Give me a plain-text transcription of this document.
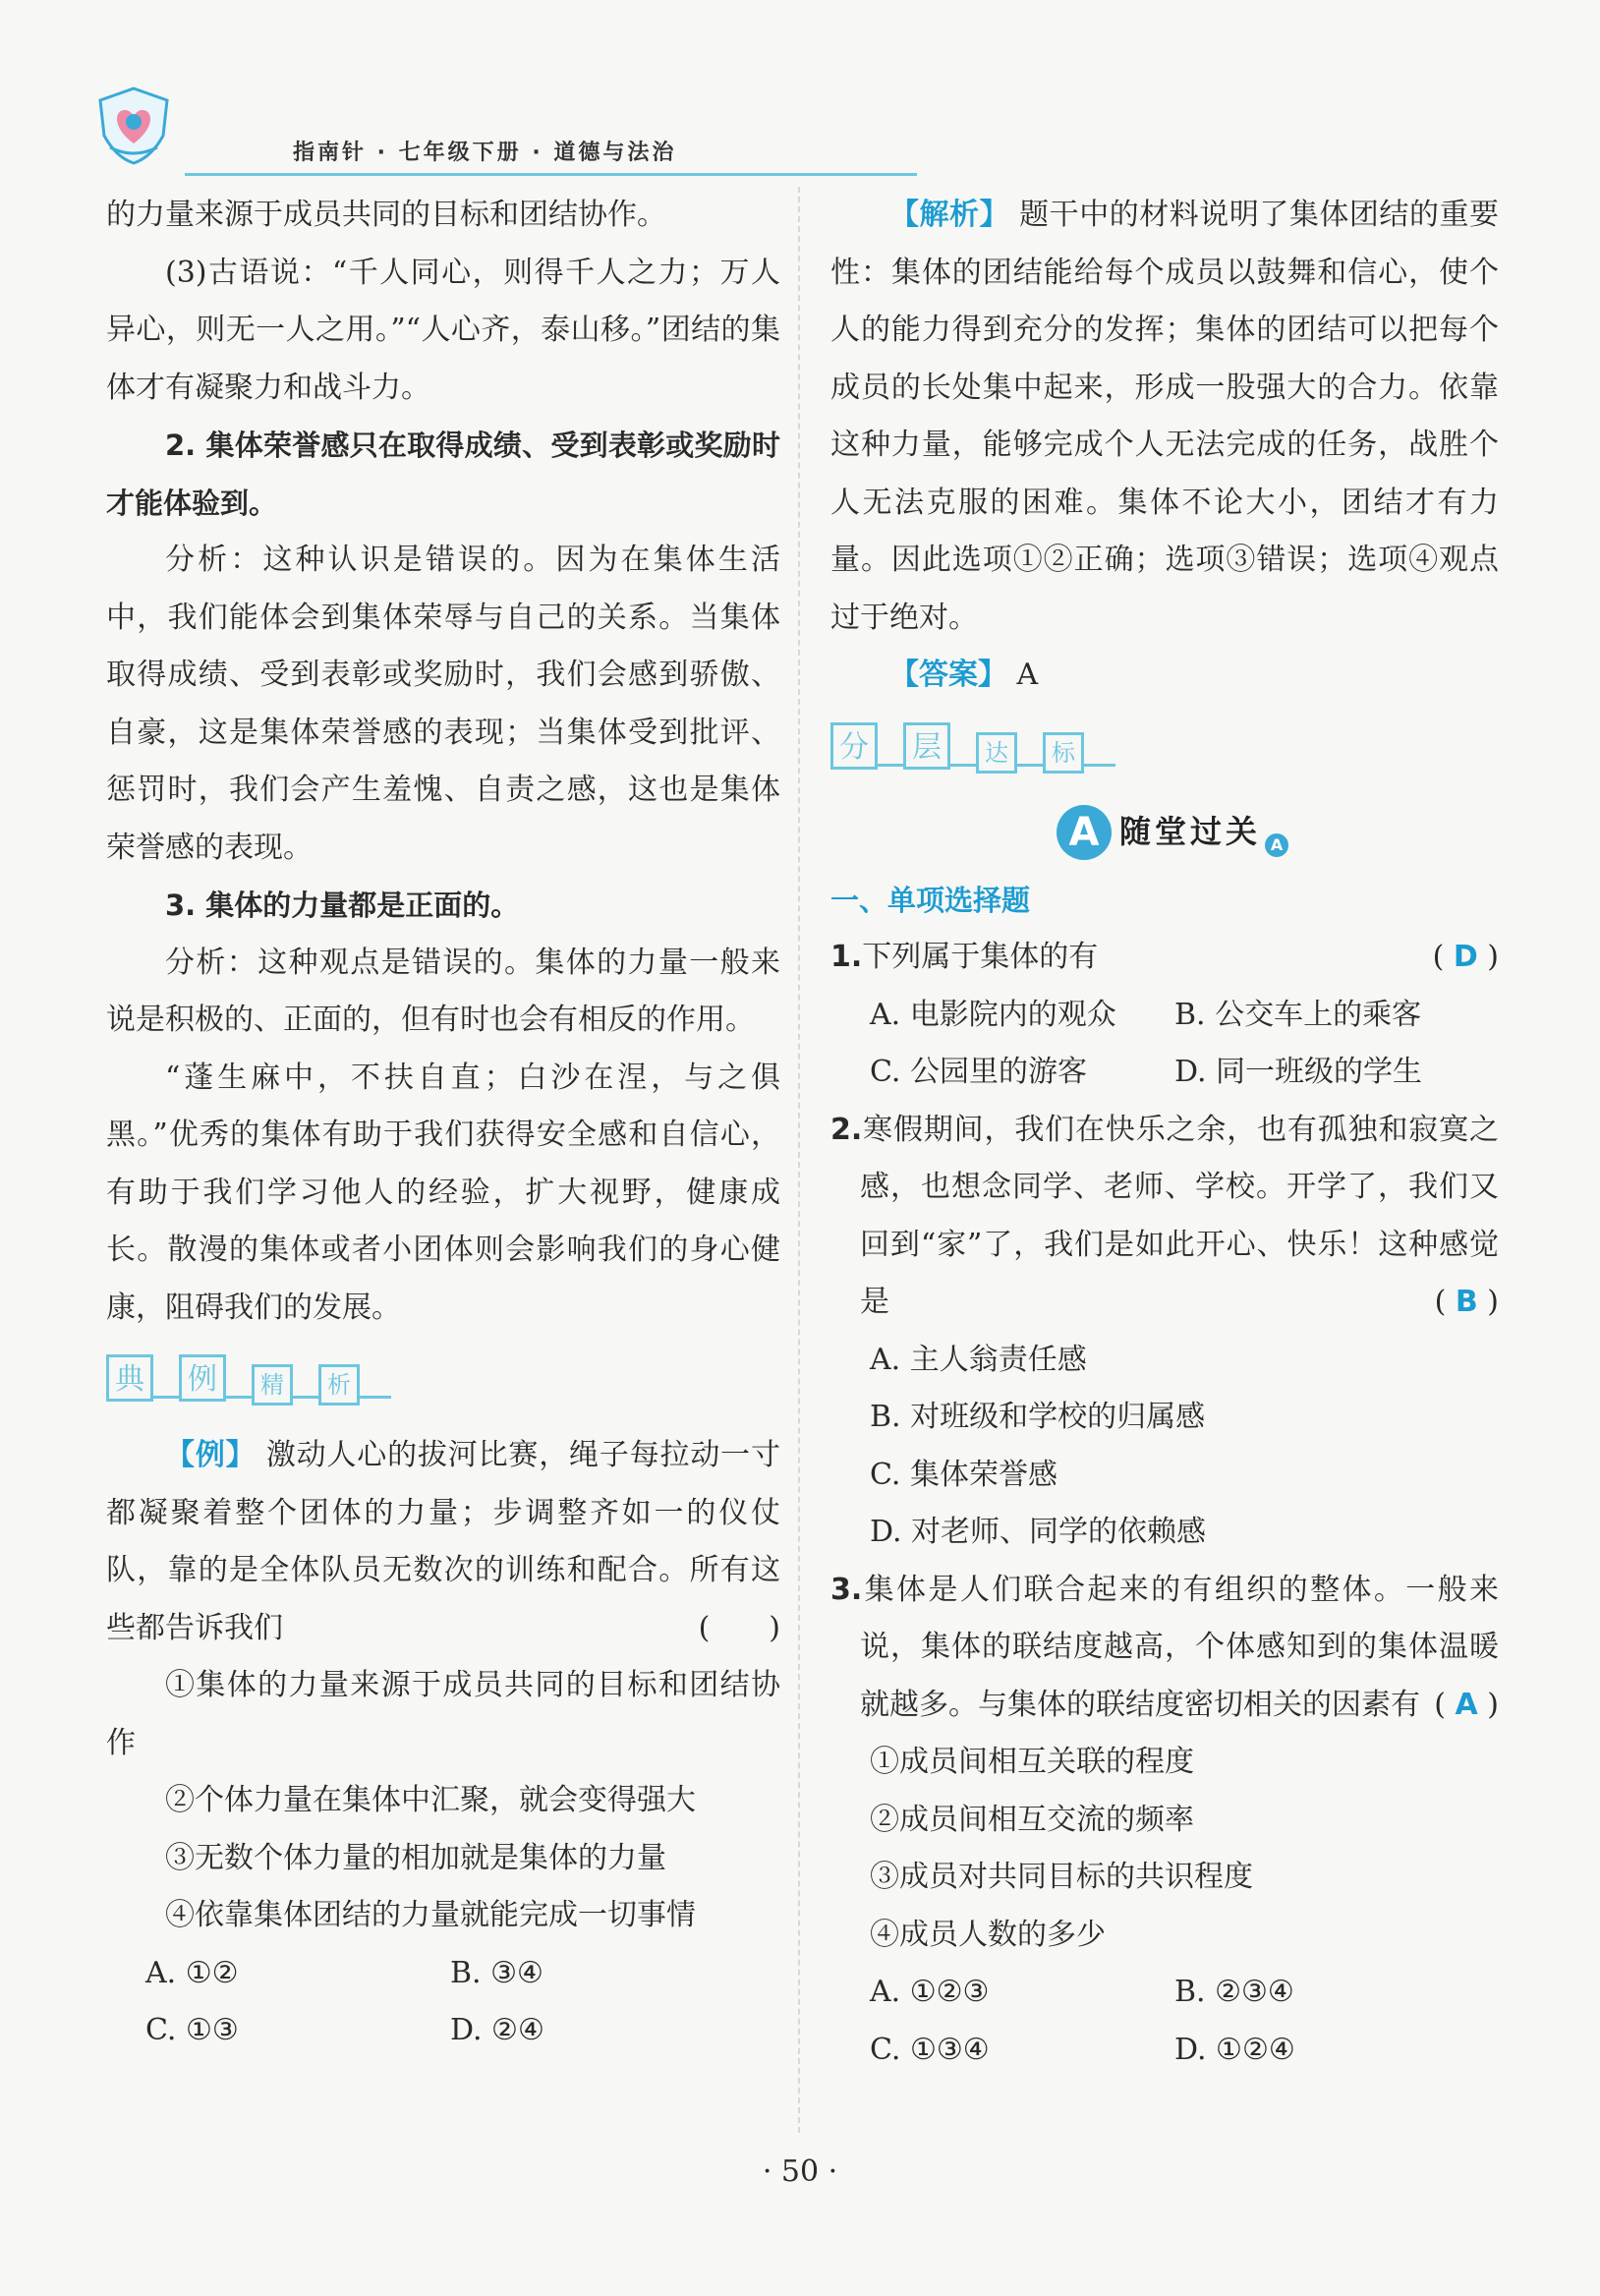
指南针 · 七年级下册 · 道德与法治

的力量来源于成员共同的目标和团结协作。

(3)古语说：“千人同心，则得千人之力；万人异心，则无一人之用。”“人心齐，泰山移。”团结的集体才有凝聚力和战斗力。

2. 集体荣誉感只在取得成绩、受到表彰或奖励时才能体验到。

分析：这种认识是错误的。因为在集体生活中，我们能体会到集体荣辱与自己的关系。当集体取得成绩、受到表彰或奖励时，我们会感到骄傲、自豪，这是集体荣誉感的表现；当集体受到批评、惩罚时，我们会产生羞愧、自责之感，这也是集体荣誉感的表现。

3. 集体的力量都是正面的。

分析：这种观点是错误的。集体的力量一般来说是积极的、正面的，但有时也会有相反的作用。

“蓬生麻中，不扶自直；白沙在涅，与之俱黑。”优秀的集体有助于我们获得安全感和自信心，有助于我们学习他人的经验，扩大视野，健康成长。散漫的集体或者小团体则会影响我们的身心健康，阻碍我们的发展。

典	例	精	析

【例】 激动人心的拔河比赛，绳子每拉动一寸都凝聚着整个团体的力量；步调整齐如一的仪仗队，靠的是全体队员无数次的训练和配合。所有这些都告诉我们	(　　)

①集体的力量来源于成员共同的目标和团结协作

②个体力量在集体中汇聚，就会变得强大

③无数个体力量的相加就是集体的力量

④依靠集体团结的力量就能完成一切事情

A. ①②	B. ③④
C. ①③	D. ②④

【解析】 题干中的材料说明了集体团结的重要性：集体的团结能给每个成员以鼓舞和信心，使个人的能力得到充分的发挥；集体的团结可以把每个成员的长处集中起来，形成一股强大的合力。依靠这种力量，能够完成个人无法完成的任务，战胜个人无法克服的困难。集体不论大小，团结才有力量。因此选项①②正确；选项③错误；选项④观点过于绝对。

【答案】 A

分	层	达	标
A 随堂过关 A

一、单项选择题

1.下列属于集体的有	( D )

A. 电影院内的观众	B. 公交车上的乘客
C. 公园里的游客	D. 同一班级的学生

2.寒假期间，我们在快乐之余，也有孤独和寂寞之感，也想念同学、老师、学校。开学了，我们又回到“家”了，我们是如此开心、快乐！这种感觉是	( B )

A. 主人翁责任感

B. 对班级和学校的归属感

C. 集体荣誉感

D. 对老师、同学的依赖感

3.集体是人们联合起来的有组织的整体。一般来说，集体的联结度越高，个体感知到的集体温暖就越多。与集体的联结度密切相关的因素有 ( A )

①成员间相互关联的程度

②成员间相互交流的频率

③成员对共同目标的共识程度

④成员人数的多少

A. ①②③	B. ②③④
C. ①③④	D. ①②④
· 50 ·
